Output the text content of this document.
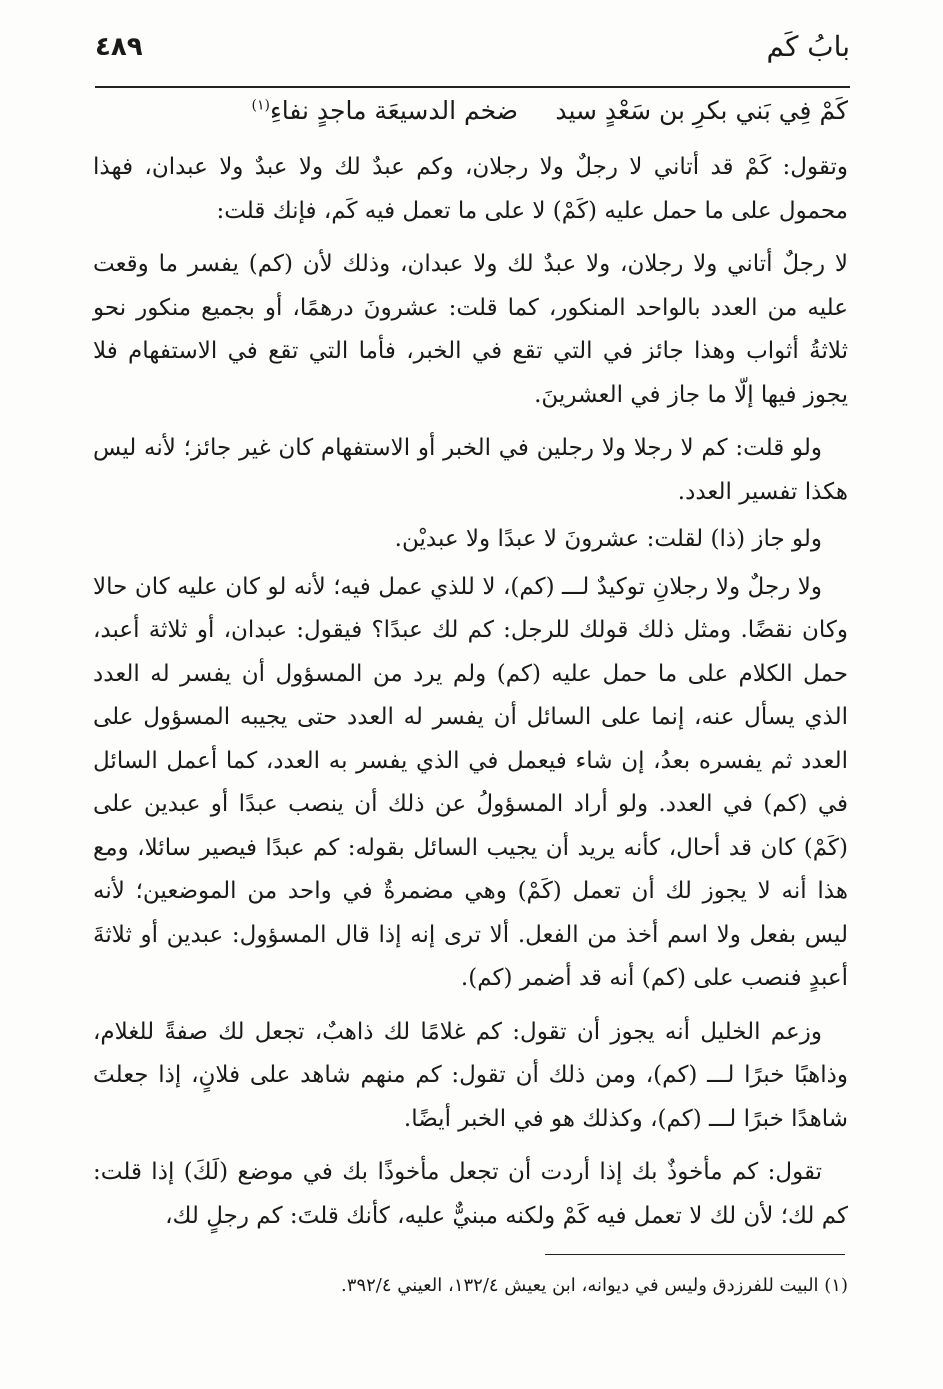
٤٨٩	بابُ كَم
كَمْ فِي بَني بكرِ بن سَعْدٍ سيد
ضخم الدسيعَة ماجدٍ نفاءِ$^{(١)}$

وتقول: كَمْ قد أتاني لا رجلٌ ولا رجلان، وكم عبدٌ لك ولا عبدٌ ولا عبدان، فهذا محمول على ما حمل عليه (كَمْ) لا على ما تعمل فيه كَم، فإنك قلت:

لا رجلٌ أتاني ولا رجلان، ولا عبدٌ لك ولا عبدان، وذلك لأن (كم) يفسر ما وقعت عليه من العدد بالواحد المنكور، كما قلت: عشرونَ درهمًا، أو بجميع منكور نحو ثلاثةُ أثواب وهذا جائز في التي تقع في الخبر، فأما التي تقع في الاستفهام فلا يجوز فيها إلّا ما جاز في العشرينَ.

ولو قلت: كم لا رجلا ولا رجلين في الخبر أو الاستفهام كان غير جائز؛ لأنه ليس هكذا تفسير العدد.

ولو جاز (ذا) لقلت: عشرونَ لا عبدًا ولا عبديْن.

ولا رجلٌ ولا رجلانِ توكيدٌ لـــ (كم)، لا للذي عمل فيه؛ لأنه لو كان عليه كان حالا وكان نقضًا. ومثل ذلك قولك للرجل: كم لك عبدًا؟ فيقول: عبدان، أو ثلاثة أعبد، حمل الكلام على ما حمل عليه (كم) ولم يرد من المسؤول أن يفسر له العدد الذي يسأل عنه، إنما على السائل أن يفسر له العدد حتى يجيبه المسؤول على العدد ثم يفسره بعدُ، إن شاء فيعمل في الذي يفسر به العدد، كما أعمل السائل في (كم) في العدد. ولو أراد المسؤولُ عن ذلك أن ينصب عبدًا أو عبدين على (كَمْ) كان قد أحال، كأنه يريد أن يجيب السائل بقوله: كم عبدًا فيصير سائلا، ومع هذا أنه لا يجوز لك أن تعمل (كَمْ) وهي مضمرةٌ في واحد من الموضعين؛ لأنه ليس بفعل ولا اسم أخذ من الفعل. ألا ترى إنه إذا قال المسؤول: عبدين أو ثلاثةَ أعبدٍ فنصب على (كم) أنه قد أضمر (كم).

وزعم الخليل أنه يجوز أن تقول: كم غلامًا لك ذاهبٌ، تجعل لك صفةً للغلام، وذاهبًا خبرًا لـــ (كم)، ومن ذلك أن تقول: كم منهم شاهد على فلانٍ، إذا جعلتَ شاهدًا خبرًا لـــ (كم)، وكذلك هو في الخبر أيضًا.

تقول: كم مأخوذٌ بك إذا أردت أن تجعل مأخوذًا بك في موضع (لَكَ) إذا قلت: كم لك؛ لأن لك لا تعمل فيه كَمْ ولكنه مبنيٌّ عليه، كأنك قلتَ: كم رجلٍ لك،

(١) البيت للفرزدق وليس في ديوانه، ابن يعيش ١٣٢/٤، العيني ٣٩٢/٤.
